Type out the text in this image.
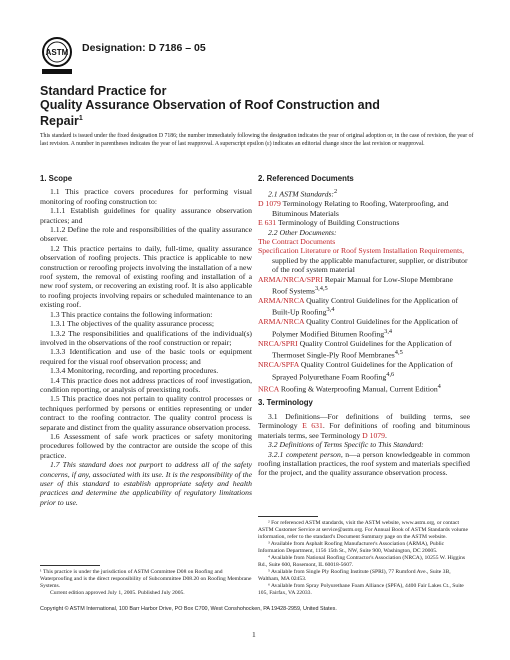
ASTM Designation: D 7186 – 05
Standard Practice for
Quality Assurance Observation of Roof Construction and
Repair$^1$
This standard is issued under the fixed designation D 7186; the number immediately following the designation indicates the year of original adoption or, in the case of revision, the year of last revision. A number in parentheses indicates the year of last reapproval. A superscript epsilon (ε) indicates an editorial change since the last revision or reapproval.
1. Scope

1.1 This practice covers procedures for performing visual monitoring of roofing construction to:

1.1.1 Establish guidelines for quality assurance observation practices; and

1.1.2 Define the role and responsibilities of the quality assurance observer.

1.2 This practice pertains to daily, full-time, quality assurance observation of roofing projects. This practice is applicable to new construction or reroofing projects involving the installation of a new roof system, the removal of existing roofing and installation of a new roof system, or recovering an existing roof. It is also applicable to roofing projects involving repairs or scheduled maintenance to an existing roof.

1.3 This practice contains the following information:

1.3.1 The objectives of the quality assurance process;

1.3.2 The responsibilities and qualifications of the individual(s) involved in the observations of the roof construction or repair;

1.3.3 Identification and use of the basic tools or equipment required for the visual roof observation process; and

1.3.4 Monitoring, recording, and reporting procedures.

1.4 This practice does not address practices of roof investigation, condition reporting, or analysis of preexisting roofs.

1.5 This practice does not pertain to quality control processes or techniques performed by persons or entities representing or under contract to the roofing contractor. The quality control process is separate and distinct from the quality assurance observation process.

1.6 Assessment of safe work practices or safety monitoring procedures followed by the contractor are outside the scope of this practice.

1.7 This standard does not purport to address all of the safety concerns, if any, associated with its use. It is the responsibility of the user of this standard to establish appropriate safety and health practices and determine the applicability of regulatory limitations prior to use.

¹ This practice is under the jurisdiction of ASTM Committee D08 on Roofing and Waterproofing and is the direct responsibility of Subcommittee D08.20 on Roofing Membrane Systems.

Current edition approved July 1, 2005. Published July 2005.

2. Referenced Documents

2.1 ASTM Standards:$^2$

D 1079 Terminology Relating to Roofing, Waterproofing, and Bituminous Materials

E 631 Terminology of Building Constructions

2.2 Other Documents:

The Contract Documents

Specification Literature or Roof System Installation Requirements, supplied by the applicable manufacturer, supplier, or distributor of the roof system material

ARMA/NRCA/SPRI Repair Manual for Low-Slope Membrane Roof Systems$^{3,4,5}$

ARMA/NRCA Quality Control Guidelines for the Application of Built-Up Roofing$^{3,4}$

ARMA/NRCA Quality Control Guidelines for the Application of Polymer Modified Bitumen Roofing$^{3,4}$

NRCA/SPRI Quality Control Guidelines for the Application of Thermoset Single-Ply Roof Membranes$^{4,5}$

NRCA/SPFA Quality Control Guidelines for the Application of Sprayed Polyurethane Foam Roofing$^{4,6}$

NRCA Roofing & Waterproofing Manual, Current Edition$^4$

3. Terminology

3.1 Definitions—For definitions of building terms, see Terminology E 631. For definitions of roofing and bituminous materials terms, see Terminology D 1079.

3.2 Definitions of Terms Specific to This Standard:

3.2.1 competent person, n—a person knowledgeable in common roofing installation practices, the roof system and materials specified for the project, and the quality assurance observation process.

² For referenced ASTM standards, visit the ASTM website, www.astm.org, or contact ASTM Customer Service at service@astm.org. For Annual Book of ASTM Standards volume information, refer to the standard's Document Summary page on the ASTM website.

³ Available from Asphalt Roofing Manufacturer's Association (ARMA), Public Information Department, 1156 15th St., NW, Suite 900, Washington, DC 20005.

⁴ Available from National Roofing Contractor's Association (NRCA), 10255 W. Higgins Rd., Suite 600, Rosemont, IL 60018-5607.

⁵ Available from Single Ply Roofing Institute (SPRI), 77 Rumford Ave., Suite 3B, Waltham, MA 02453.

⁶ Available from Spray Polyurethane Foam Alliance (SPFA), 4400 Fair Lakes Ct., Suite 105, Fairfax, VA 22033.

Copyright © ASTM International, 100 Barr Harbor Drive, PO Box C700, West Conshohocken, PA 19428-2959, United States.
1
